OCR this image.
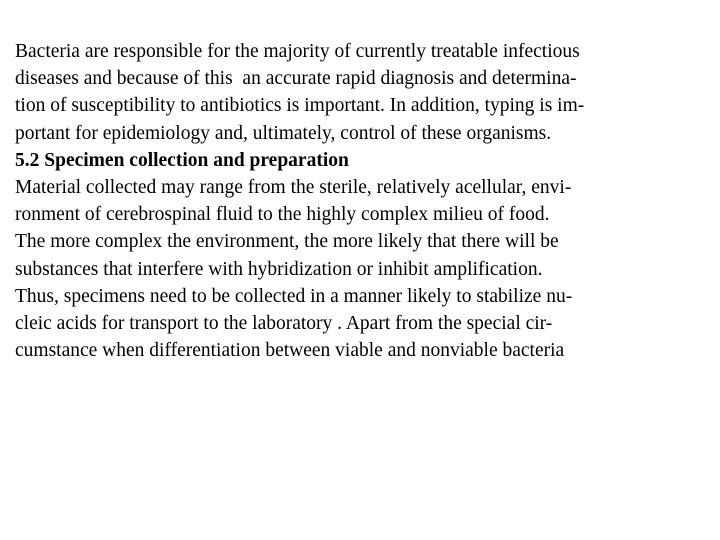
Bacteria are responsible for the majority of currently treatable infectious
diseases and because of this  an accurate rapid diagnosis and determina-
tion of susceptibility to antibiotics is important. In addition, typing is im-
portant for epidemiology and, ultimately, control of these organisms.
5.2 Specimen collection and preparation
Material collected may range from the sterile, relatively acellular, envi-
ronment of cerebrospinal fluid to the highly complex milieu of food.
The more complex the environment, the more likely that there will be
substances that interfere with hybridization or inhibit amplification.
Thus, specimens need to be collected in a manner likely to stabilize nu-
cleic acids for transport to the laboratory . Apart from the special cir-
cumstance when differentiation between viable and nonviable bacteria
